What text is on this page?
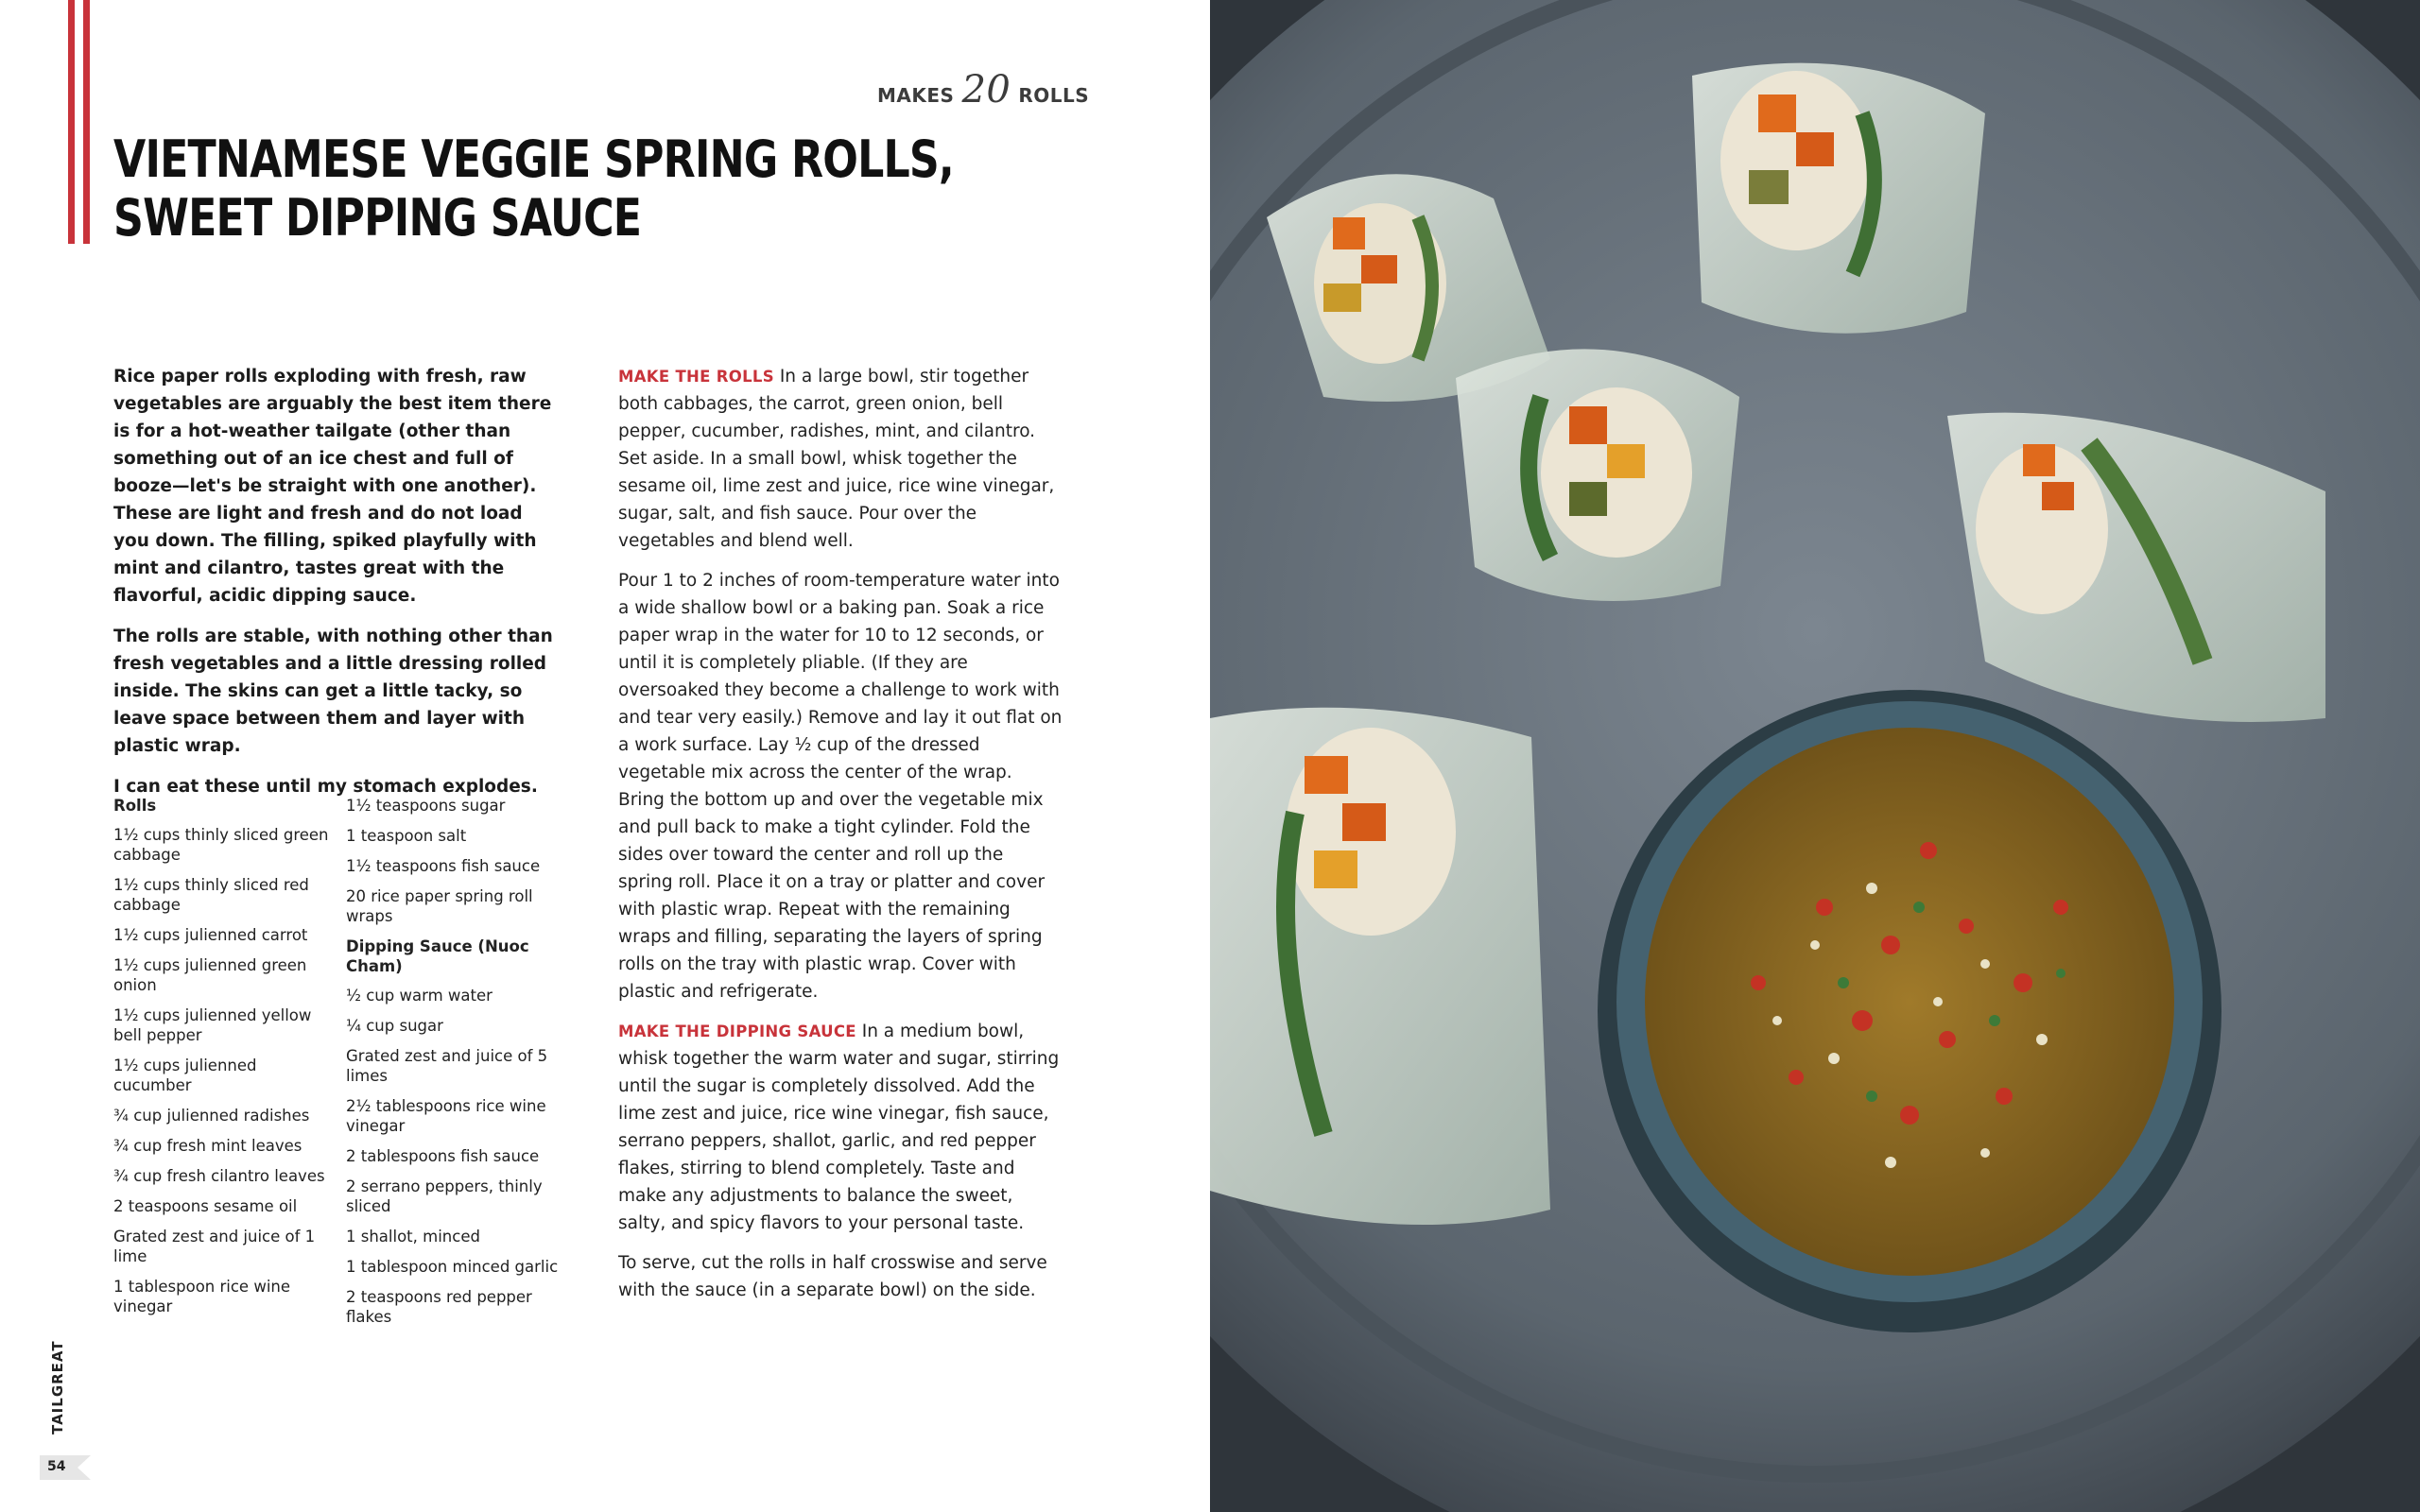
MAKES 20 ROLLS
VIETNAMESE VEGGIE SPRING ROLLS,
SWEET DIPPING SAUCE

Rice paper rolls exploding with fresh, raw vegetables are arguably the best item there is for a hot-weather tailgate (other than something out of an ice chest and full of booze—let's be straight with one another). These are light and fresh and do not load you down. The filling, spiked playfully with mint and cilantro, tastes great with the flavorful, acidic dipping sauce.

The rolls are stable, with nothing other than fresh vegetables and a little dressing rolled inside. The skins can get a little tacky, so leave space between them and layer with plastic wrap.

I can eat these until my stomach explodes.

Rolls
1½ cups thinly sliced green cabbage
1½ cups thinly sliced red cabbage
1½ cups julienned carrot
1½ cups julienned green onion
1½ cups julienned yellow bell pepper
1½ cups julienned cucumber
¾ cup julienned radishes
¾ cup fresh mint leaves
¾ cup fresh cilantro leaves
2 teaspoons sesame oil
Grated zest and juice of 1 lime
1 tablespoon rice wine vinegar
1½ teaspoons sugar
1 teaspoon salt
1½ teaspoons fish sauce
20 rice paper spring roll wraps
Dipping Sauce (Nuoc Cham)
½ cup warm water
¼ cup sugar
Grated zest and juice of 5 limes
2½ tablespoons rice wine vinegar
2 tablespoons fish sauce
2 serrano peppers, thinly sliced
1 shallot, minced
1 tablespoon minced garlic
2 teaspoons red pepper flakes

MAKE THE ROLLS In a large bowl, stir together both cabbages, the carrot, green onion, bell pepper, cucumber, radishes, mint, and cilantro. Set aside. In a small bowl, whisk together the sesame oil, lime zest and juice, rice wine vinegar, sugar, salt, and fish sauce. Pour over the vegetables and blend well.

Pour 1 to 2 inches of room-temperature water into a wide shallow bowl or a baking pan. Soak a rice paper wrap in the water for 10 to 12 seconds, or until it is completely pliable. (If they are oversoaked they become a challenge to work with and tear very easily.) Remove and lay it out flat on a work surface. Lay ½ cup of the dressed vegetable mix across the center of the wrap. Bring the bottom up and over the vegetable mix and pull back to make a tight cylinder. Fold the sides over toward the center and roll up the spring roll. Place it on a tray or platter and cover with plastic wrap. Repeat with the remaining wraps and filling, separating the layers of spring rolls on the tray with plastic wrap. Cover with plastic and refrigerate.

MAKE THE DIPPING SAUCE In a medium bowl, whisk together the warm water and sugar, stirring until the sugar is completely dissolved. Add the lime zest and juice, rice wine vinegar, fish sauce, serrano peppers, shallot, garlic, and red pepper flakes, stirring to blend completely. Taste and make any adjustments to balance the sweet, salty, and spicy flavors to your personal taste.

To serve, cut the rolls in half crosswise and serve with the sauce (in a separate bowl) on the side.

TAILGREAT
54
